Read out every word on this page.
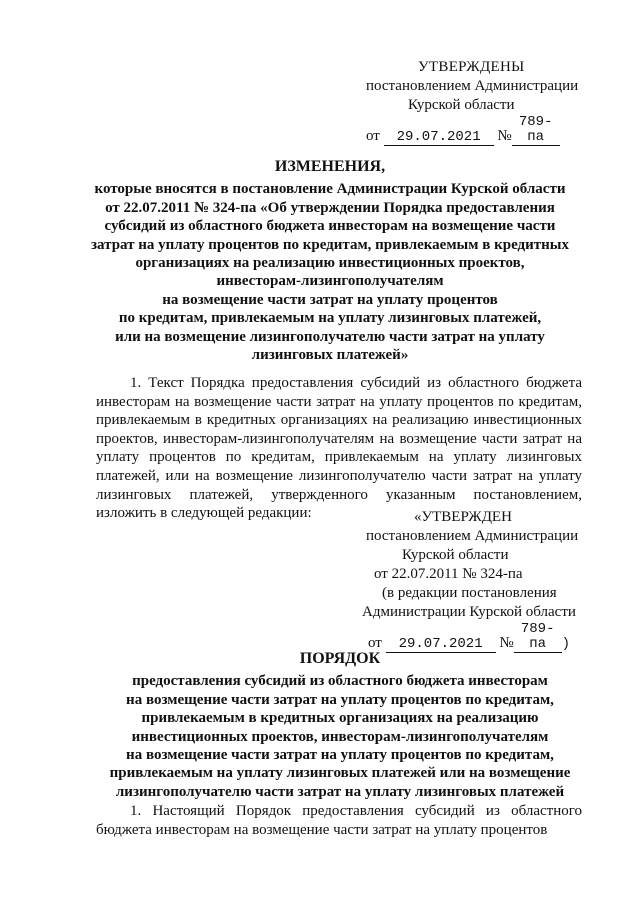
УТВЕРЖДЕНЫ
постановлением Администрации
Курской области
от 29.07.2021 №789-па
ИЗМЕНЕНИЯ,
которые вносятся в постановление Администрации Курской области
от 22.07.2011 № 324-па «Об утверждении Порядка предоставления
субсидий из областного бюджета инвесторам на возмещение части
затрат на уплату процентов по кредитам, привлекаемым в кредитных
организациях на реализацию инвестиционных проектов,
инвесторам-лизингополучателям
на возмещение части затрат на уплату процентов
по кредитам, привлекаемым на уплату лизинговых платежей,
или на возмещение лизингополучателю части затрат на уплату
лизинговых платежей»
1. Текст Порядка предоставления субсидий из областного бюджета инвесторам на возмещение части затрат на уплату процентов по кредитам, привлекаемым в кредитных организациях на реализацию инвестиционных проектов, инвесторам-лизингополучателям на возмещение части затрат на уплату процентов по кредитам, привлекаемым на уплату лизинговых платежей, или на возмещение лизингополучателю части затрат на уплату лизинговых платежей, утвержденного указанным постановлением, изложить в следующей редакции:	«УТВЕРЖДЕН
постановлением Администрации
Курской области
от 22.07.2011 № 324-па
(в редакции постановления
Администрации Курской области
от 29.07.2021 №789-па )
ПОРЯДОК
предоставления субсидий из областного бюджета инвесторам
на возмещение части затрат на уплату процентов по кредитам,
привлекаемым в кредитных организациях на реализацию
инвестиционных проектов, инвесторам-лизингополучателям
на возмещение части затрат на уплату процентов по кредитам,
привлекаемым на уплату лизинговых платежей или на возмещение
лизингополучателю части затрат на уплату лизинговых платежей
1. Настоящий Порядок предоставления субсидий из областного бюджета инвесторам на возмещение части затрат на уплату процентов
